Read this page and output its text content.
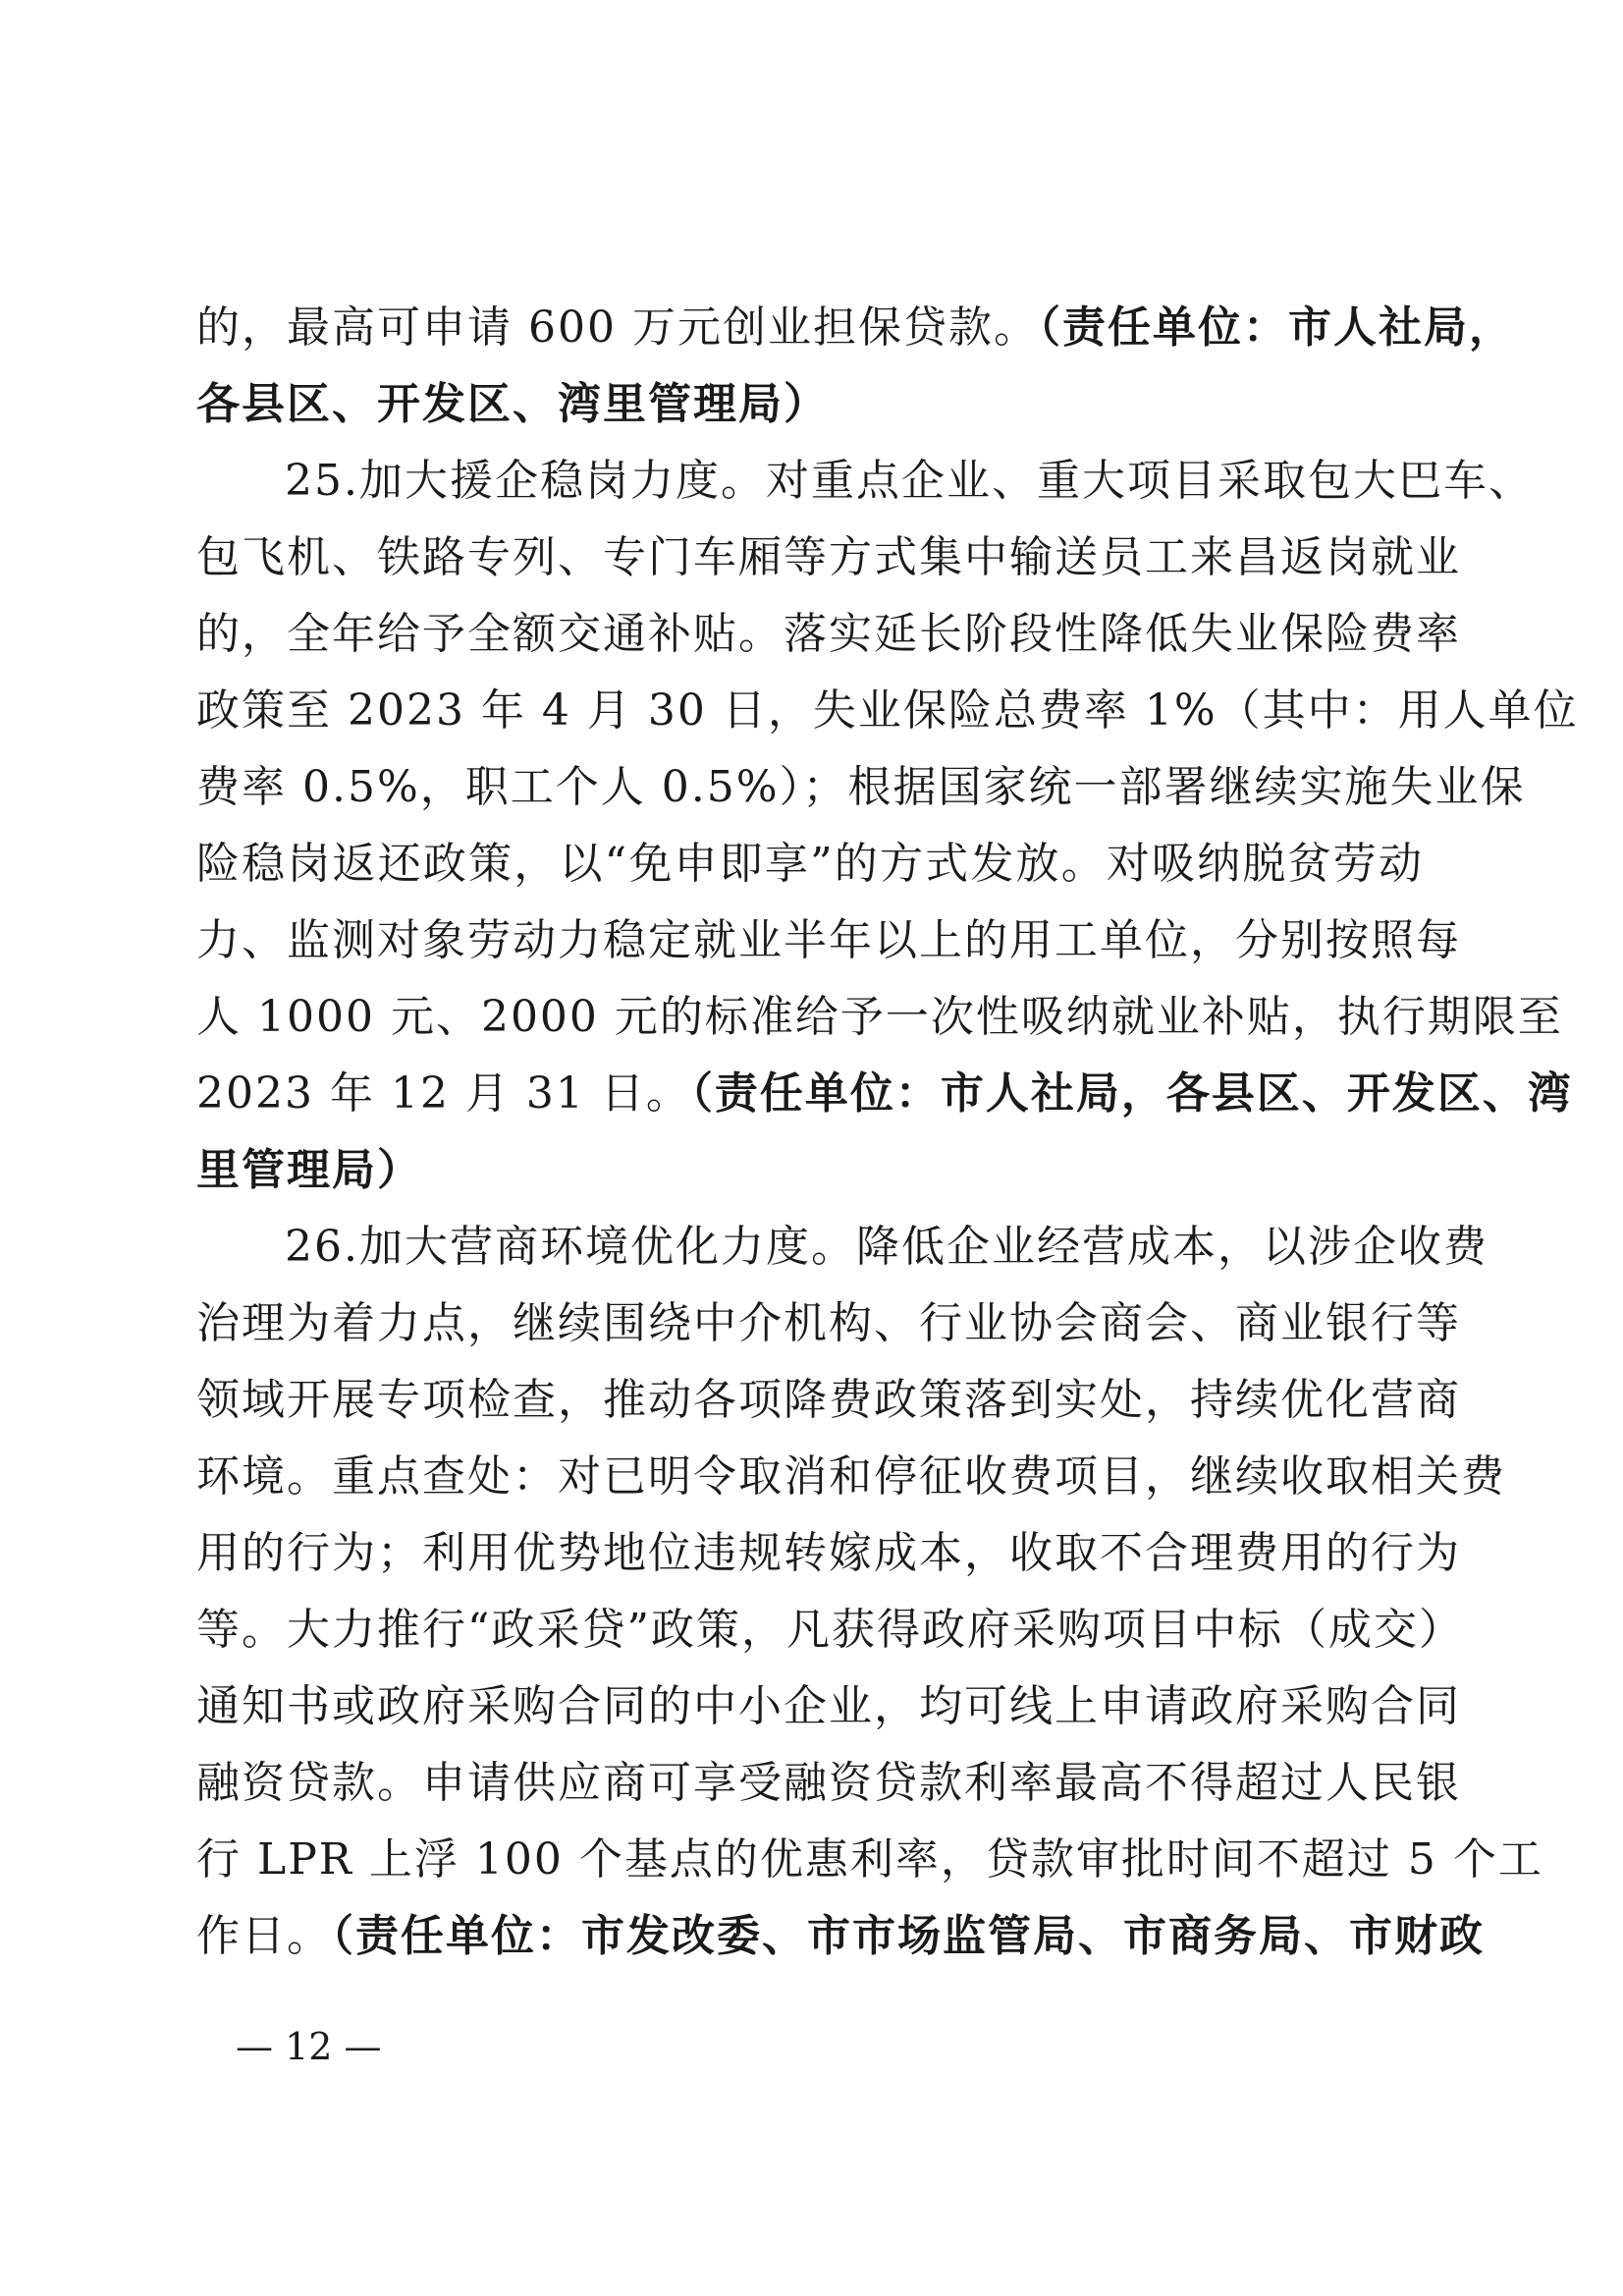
的，最高可申请 600 万元创业担保贷款。（责任单位：市人社局，
各县区、开发区、湾里管理局）
25.加大援企稳岗力度。对重点企业、重大项目采取包大巴车、
包飞机、铁路专列、专门车厢等方式集中输送员工来昌返岗就业
的，全年给予全额交通补贴。落实延长阶段性降低失业保险费率
政策至 2023 年 4 月 30 日，失业保险总费率 1%（其中：用人单位
费率 0.5%，职工个人 0.5%）；根据国家统一部署继续实施失业保
险稳岗返还政策，以“免申即享”的方式发放。对吸纳脱贫劳动
力、监测对象劳动力稳定就业半年以上的用工单位，分别按照每
人 1000 元、2000 元的标准给予一次性吸纳就业补贴，执行期限至
2023 年 12 月 31 日。（责任单位：市人社局，各县区、开发区、湾
里管理局）
26.加大营商环境优化力度。降低企业经营成本，以涉企收费
治理为着力点，继续围绕中介机构、行业协会商会、商业银行等
领域开展专项检查，推动各项降费政策落到实处，持续优化营商
环境。重点查处：对已明令取消和停征收费项目，继续收取相关费
用的行为；利用优势地位违规转嫁成本，收取不合理费用的行为
等。大力推行“政采贷”政策，凡获得政府采购项目中标（成交）
通知书或政府采购合同的中小企业，均可线上申请政府采购合同
融资贷款。申请供应商可享受融资贷款利率最高不得超过人民银
行 LPR 上浮 100 个基点的优惠利率，贷款审批时间不超过 5 个工
作日。（责任单位：市发改委、市市场监管局、市商务局、市财政
— 12 —
